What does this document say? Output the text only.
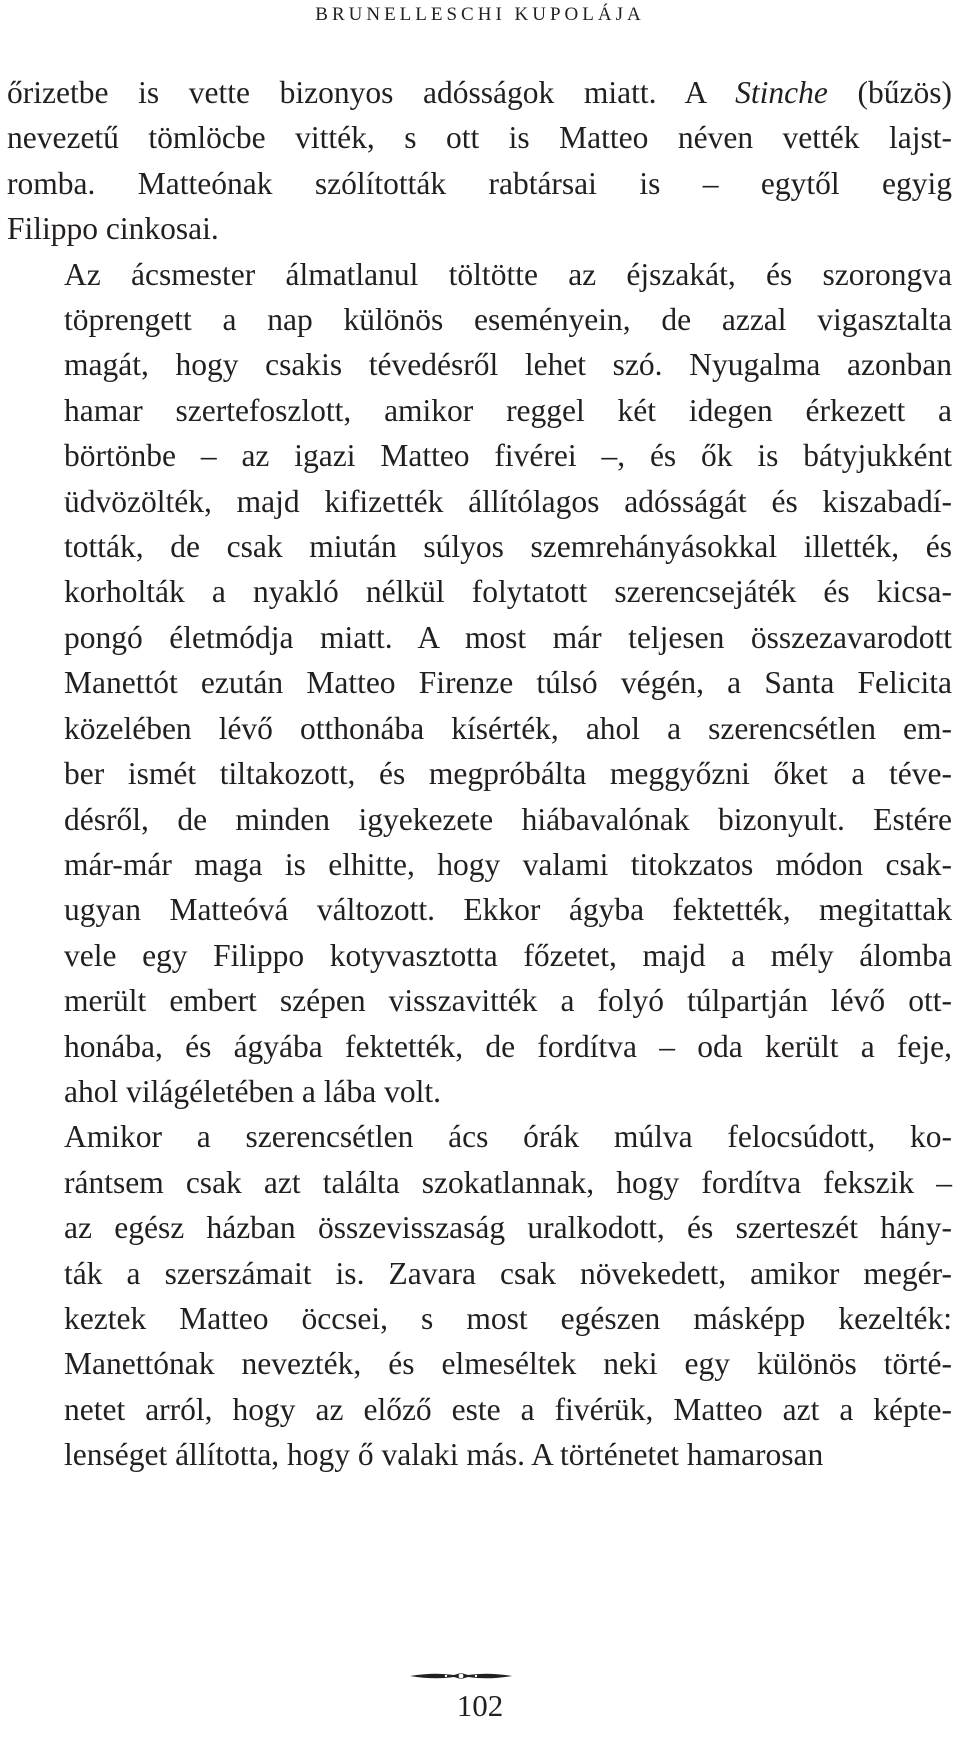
BRUNELLESCHI KUPOLÁJA

őrizetbe is vette bizonyos adósságok miatt. A Stinche (bűzös)
nevezetű tömlöcbe vitték, s ott is Matteo néven vették lajst-
romba. Matteónak szólították rabtársai is – egytől egyig
Filippo cinkosai.

Az ácsmester álmatlanul töltötte az éjszakát, és szorongva
töprengett a nap különös eseményein, de azzal vigasztalta
magát, hogy csakis tévedésről lehet szó. Nyugalma azonban
hamar szertefoszlott, amikor reggel két idegen érkezett a
börtönbe – az igazi Matteo fivérei –, és ők is bátyjukként
üdvözölték, majd kifizették állítólagos adósságát és kiszabadí-
tották, de csak miután súlyos szemrehányásokkal illették, és
korholták a nyakló nélkül folytatott szerencsejáték és kicsa-
pongó életmódja miatt. A most már teljesen összezavarodott
Manettót ezután Matteo Firenze túlsó végén, a Santa Felicita
közelében lévő otthonába kísérték, ahol a szerencsétlen em-
ber ismét tiltakozott, és megpróbálta meggyőzni őket a téve-
désről, de minden igyekezete hiábavalónak bizonyult. Estére
már-már maga is elhitte, hogy valami titokzatos módon csak-
ugyan Matteóvá változott. Ekkor ágyba fektették, megitattak
vele egy Filippo kotyvasztotta főzetet, majd a mély álomba
merült embert szépen visszavitték a folyó túlpartján lévő ott-
honába, és ágyába fektették, de fordítva – oda került a feje,
ahol világéletében a lába volt.

Amikor a szerencsétlen ács órák múlva felocsúdott, ko-
rántsem csak azt találta szokatlannak, hogy fordítva fekszik –
az egész házban összevisszaság uralkodott, és szerteszét hány-
ták a szerszámait is. Zavara csak növekedett, amikor megér-
keztek Matteo öccsei, s most egészen másképp kezelték:
Manettónak nevezték, és elmeséltek neki egy különös törté-
netet arról, hogy az előző este a fivérük, Matteo azt a képte-
lenséget állította, hogy ő valaki más. A történetet hamarosan

102
